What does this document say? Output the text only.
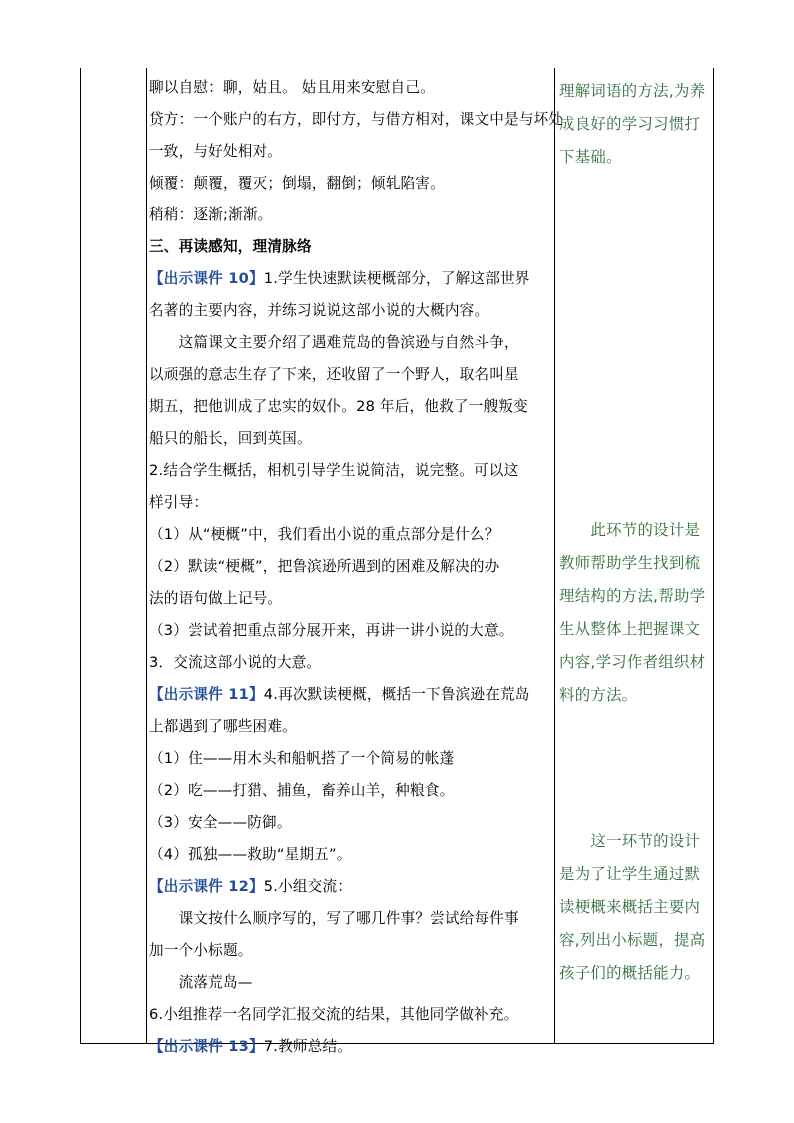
聊以自慰：聊，姑且。 姑且用来安慰自己。
贷方：一个账户的右方，即付方，与借方相对，课文中是与坏处
一致，与好处相对。
倾覆：颠覆，覆灭；倒塌，翻倒；倾轧陷害。
稍稍：逐渐;渐渐。
三、再读感知，理清脉络
【出示课件 10】1.学生快速默读梗概部分，了解这部世界
名著的主要内容，并练习说说这部小说的大概内容。
　　这篇课文主要介绍了遇难荒岛的鲁滨逊与自然斗争，
以顽强的意志生存了下来，还收留了一个野人，取名叫星
期五，把他训成了忠实的奴仆。28 年后，他救了一艘叛变
船只的船长，回到英国。
2.结合学生概括，相机引导学生说简洁，说完整。可以这
样引导：
（1）从“梗概”中，我们看出小说的重点部分是什么？
（2）默读“梗概”，把鲁滨逊所遇到的困难及解决的办
法的语句做上记号。
（3）尝试着把重点部分展开来，再讲一讲小说的大意。
3．交流这部小说的大意。
【出示课件 11】4.再次默读梗概，概括一下鲁滨逊在荒岛
上都遇到了哪些困难。
（1）住——用木头和船帆搭了一个简易的帐蓬
（2）吃——打猎、捕鱼，畜养山羊，种粮食。
（3）安全——防御。
（4）孤独——救助“星期五”。
【出示课件 12】5.小组交流：
　　课文按什么顺序写的，写了哪几件事？尝试给每件事
加一个小标题。
　　流落荒岛—
6.小组推荐一名同学汇报交流的结果，其他同学做补充。
【出示课件 13】7.教师总结。
理解词语的方法,为养
成良好的学习习惯打
下基础。
　　此环节的设计是
教师帮助学生找到梳
理结构的方法,帮助学
生从整体上把握课文
内容,学习作者组织材
料的方法。
　　这一环节的设计
是为了让学生通过默
读梗概来概括主要内
容,列出小标题，提高
孩子们的概括能力。
